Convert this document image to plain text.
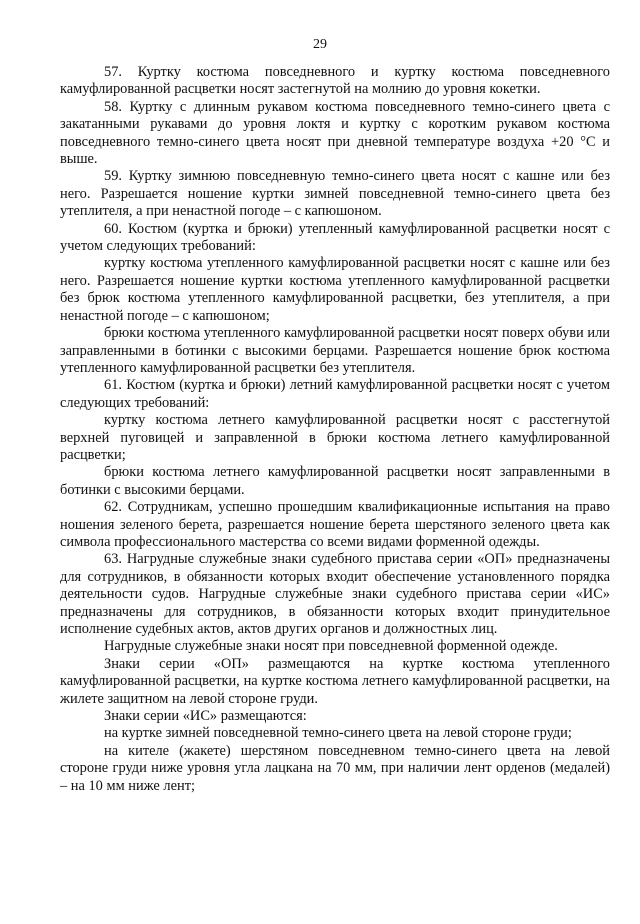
29

57. Куртку костюма повседневного и куртку костюма повседневного камуфлированной расцветки носят застегнутой на молнию до уровня кокетки.

58. Куртку с длинным рукавом костюма повседневного темно-синего цвета с закатанными рукавами до уровня локтя и куртку с коротким рукавом костюма повседневного темно-синего цвета носят при дневной температуре воздуха +20 °С и выше.

59. Куртку зимнюю повседневную темно-синего цвета носят с кашне или без него. Разрешается ношение куртки зимней повседневной темно-синего цвета без утеплителя, а при ненастной погоде – с капюшоном.

60. Костюм (куртка и брюки) утепленный камуфлированной расцветки носят с учетом следующих требований:

куртку костюма утепленного камуфлированной расцветки носят с кашне или без него. Разрешается ношение куртки костюма утепленного камуфлированной расцветки без брюк костюма утепленного камуфлированной расцветки, без утеплителя, а при ненастной погоде – с капюшоном;

брюки костюма утепленного камуфлированной расцветки носят поверх обуви или заправленными в ботинки с высокими берцами. Разрешается ношение брюк костюма утепленного камуфлированной расцветки без утеплителя.

61. Костюм (куртка и брюки) летний камуфлированной расцветки носят с учетом следующих требований:

куртку костюма летнего камуфлированной расцветки носят с расстегнутой верхней пуговицей и заправленной в брюки костюма летнего камуфлированной расцветки;

брюки костюма летнего камуфлированной расцветки носят заправленными в ботинки с высокими берцами.

62. Сотрудникам, успешно прошедшим квалификационные испытания на право ношения зеленого берета, разрешается ношение берета шерстяного зеленого цвета как символа профессионального мастерства со всеми видами форменной одежды.

63. Нагрудные служебные знаки судебного пристава серии «ОП» предназначены для сотрудников, в обязанности которых входит обеспечение установленного порядка деятельности судов. Нагрудные служебные знаки судебного пристава серии «ИС» предназначены для сотрудников, в обязанности которых входит принудительное исполнение судебных актов, актов других органов и должностных лиц.

Нагрудные служебные знаки носят при повседневной форменной одежде.

Знаки серии «ОП» размещаются на куртке костюма утепленного камуфлированной расцветки, на куртке костюма летнего камуфлированной расцветки, на жилете защитном на левой стороне груди.

Знаки серии «ИС» размещаются:

на куртке зимней повседневной темно-синего цвета на левой стороне груди;

на кителе (жакете) шерстяном повседневном темно-синего цвета на левой стороне груди ниже уровня угла лацкана на 70 мм, при наличии лент орденов (медалей) – на 10 мм ниже лент;
